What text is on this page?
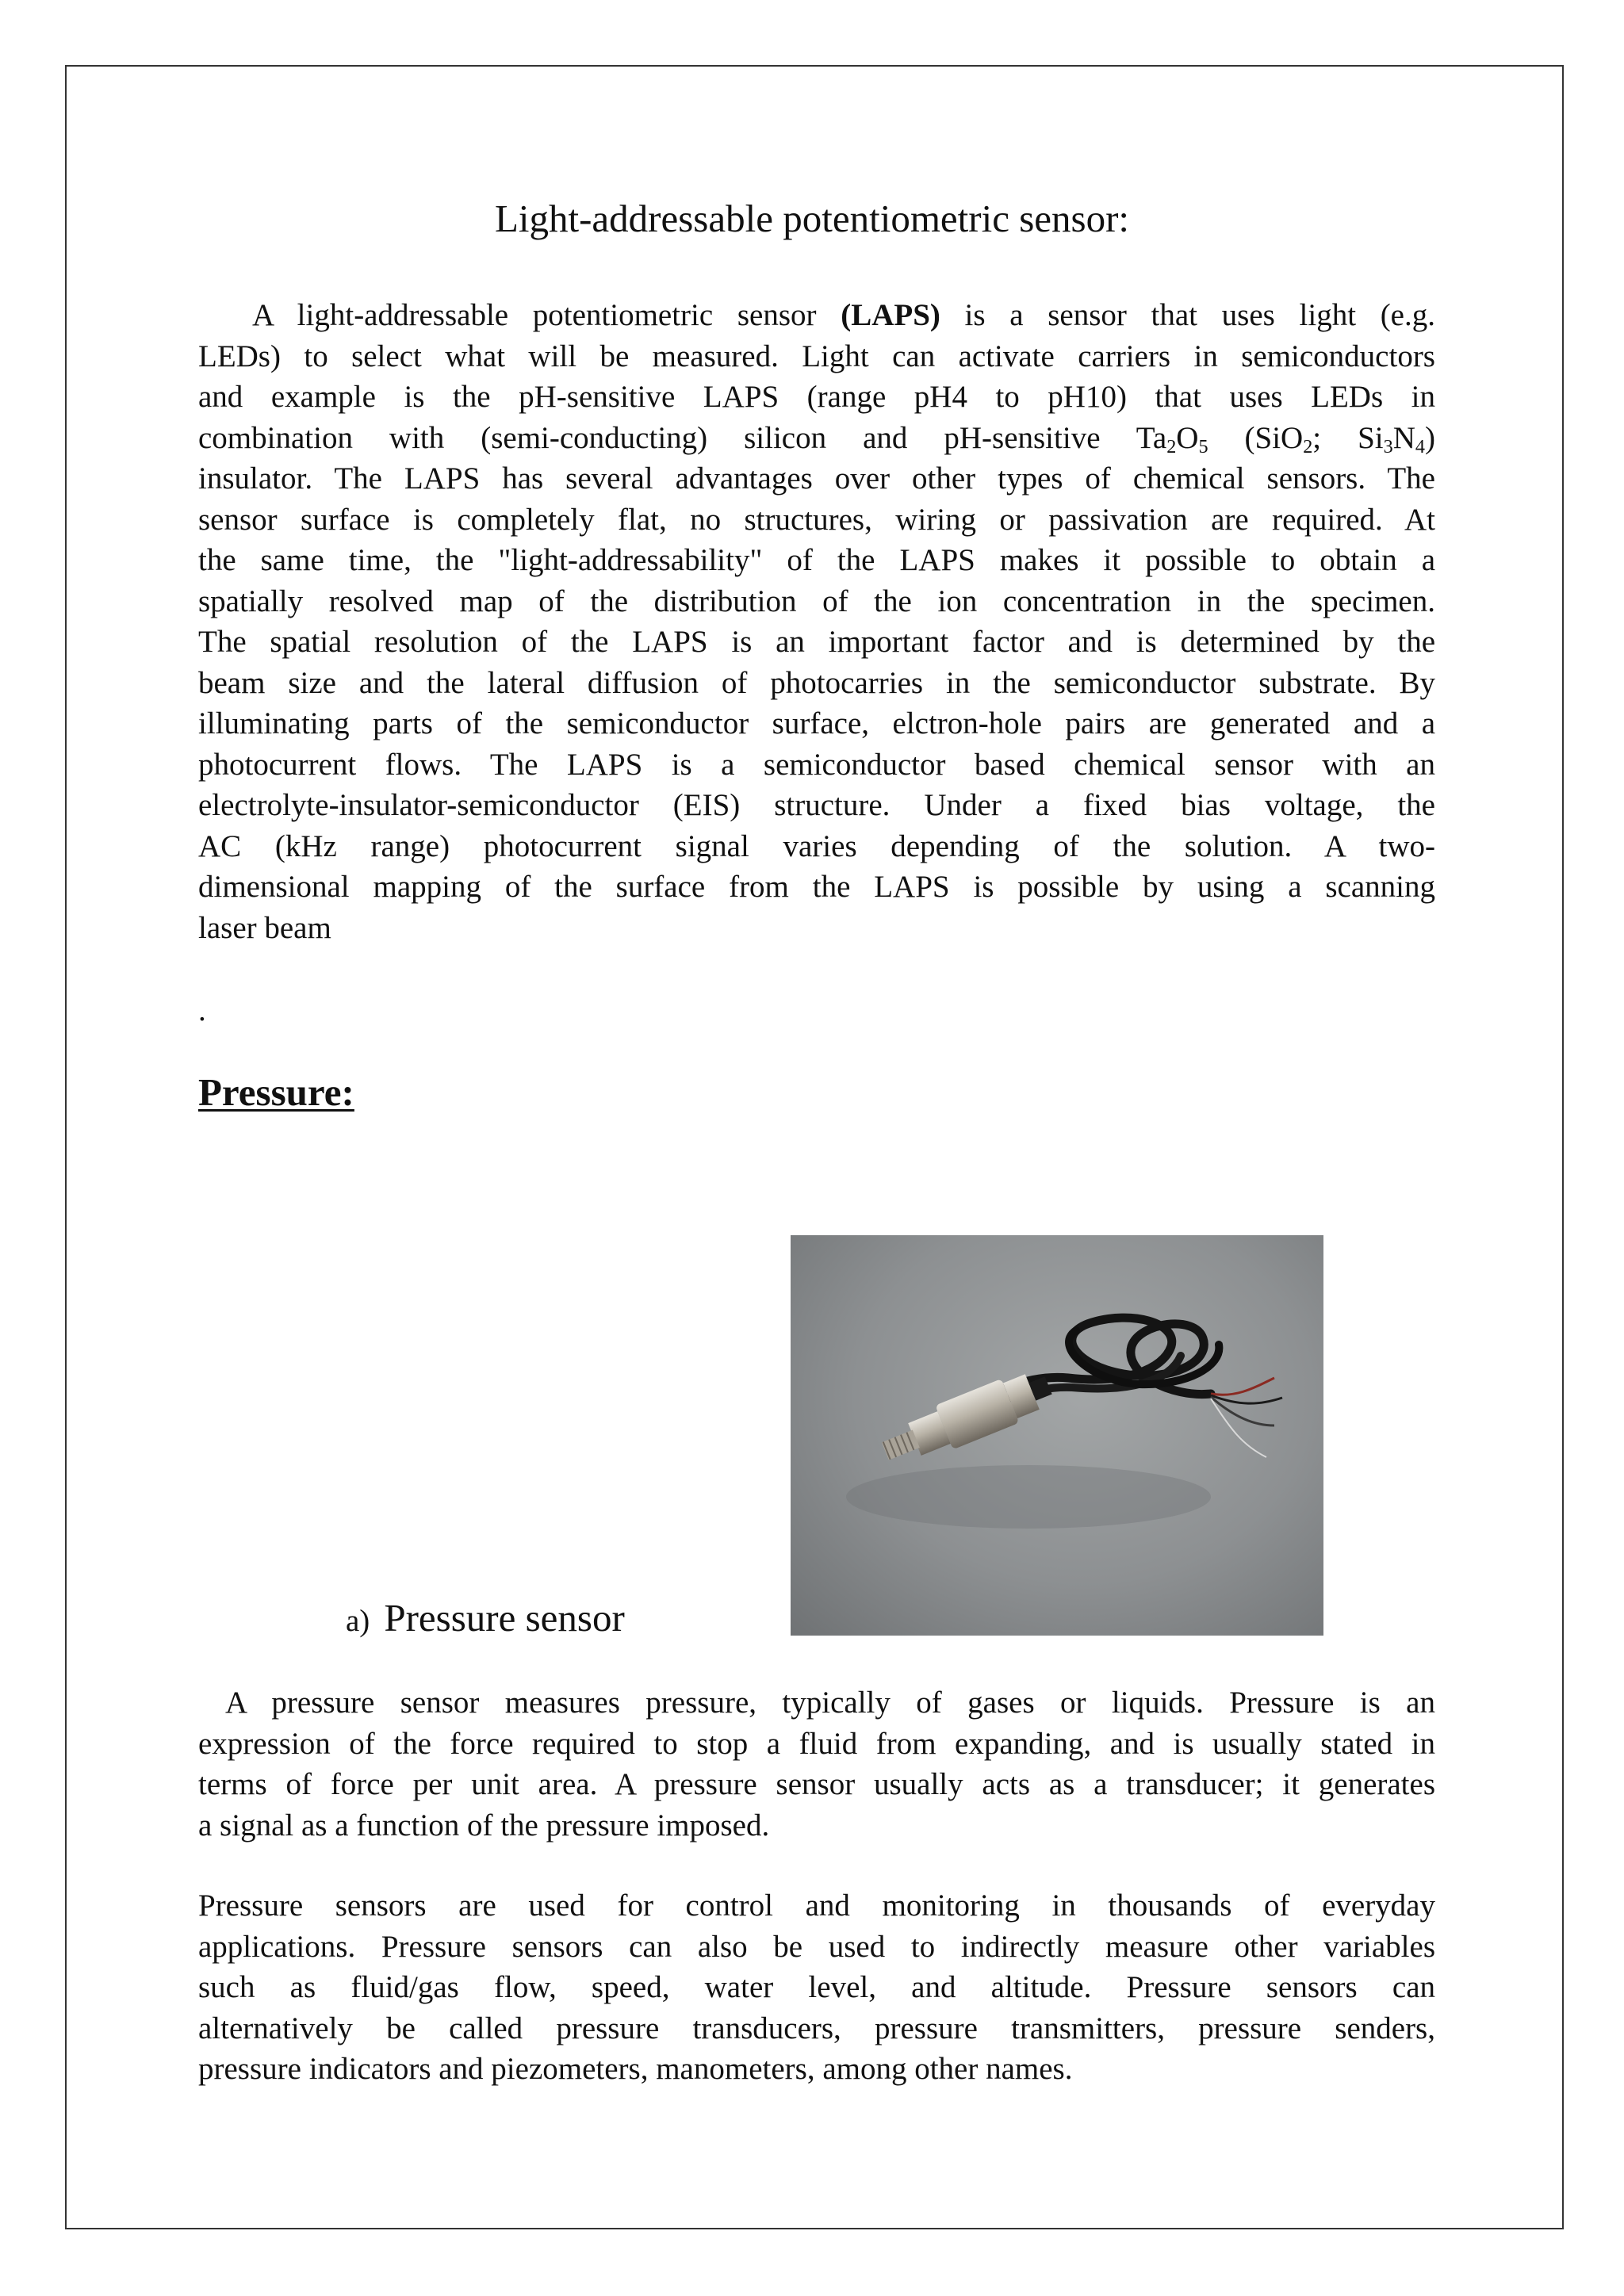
Light-addressable potentiometric sensor:
A light-addressable potentiometric sensor (LAPS) is a sensor that uses light (e.g.
LEDs) to select what will be measured. Light can activate carriers in semiconductors
and example is the pH-sensitive LAPS (range pH4 to pH10) that uses LEDs in
combination with (semi-conducting) silicon and pH-sensitive $Ta_2O_5$ (SiO$_2$; $Si_3N_4$)
insulator. The LAPS has several advantages over other types of chemical sensors. The
sensor surface is completely flat, no structures, wiring or passivation are required. At
the same time, the "light-addressability" of the LAPS makes it possible to obtain a
spatially resolved map of the distribution of the ion concentration in the specimen.
The spatial resolution of the LAPS is an important factor and is determined by the
beam size and the lateral diffusion of photocarries in the semiconductor substrate. By
illuminating parts of the semiconductor surface, elctron-hole pairs are generated and a
photocurrent flows. The LAPS is a semiconductor based chemical sensor with an
electrolyte-insulator-semiconductor (EIS) structure. Under a fixed bias voltage, the
AC (kHz range) photocurrent signal varies depending of the solution. A two-
dimensional mapping of the surface from the LAPS is possible by using a scanning
laser beam
.
Pressure:
a) Pressure sensor
A pressure sensor measures pressure, typically of gases or liquids. Pressure is an
expression of the force required to stop a fluid from expanding, and is usually stated in
terms of force per unit area. A pressure sensor usually acts as a transducer; it generates
a signal as a function of the pressure imposed.
Pressure sensors are used for control and monitoring in thousands of everyday
applications. Pressure sensors can also be used to indirectly measure other variables
such as fluid/gas flow, speed, water level, and altitude. Pressure sensors can
alternatively be called pressure transducers, pressure transmitters, pressure senders,
pressure indicators and piezometers, manometers, among other names.
